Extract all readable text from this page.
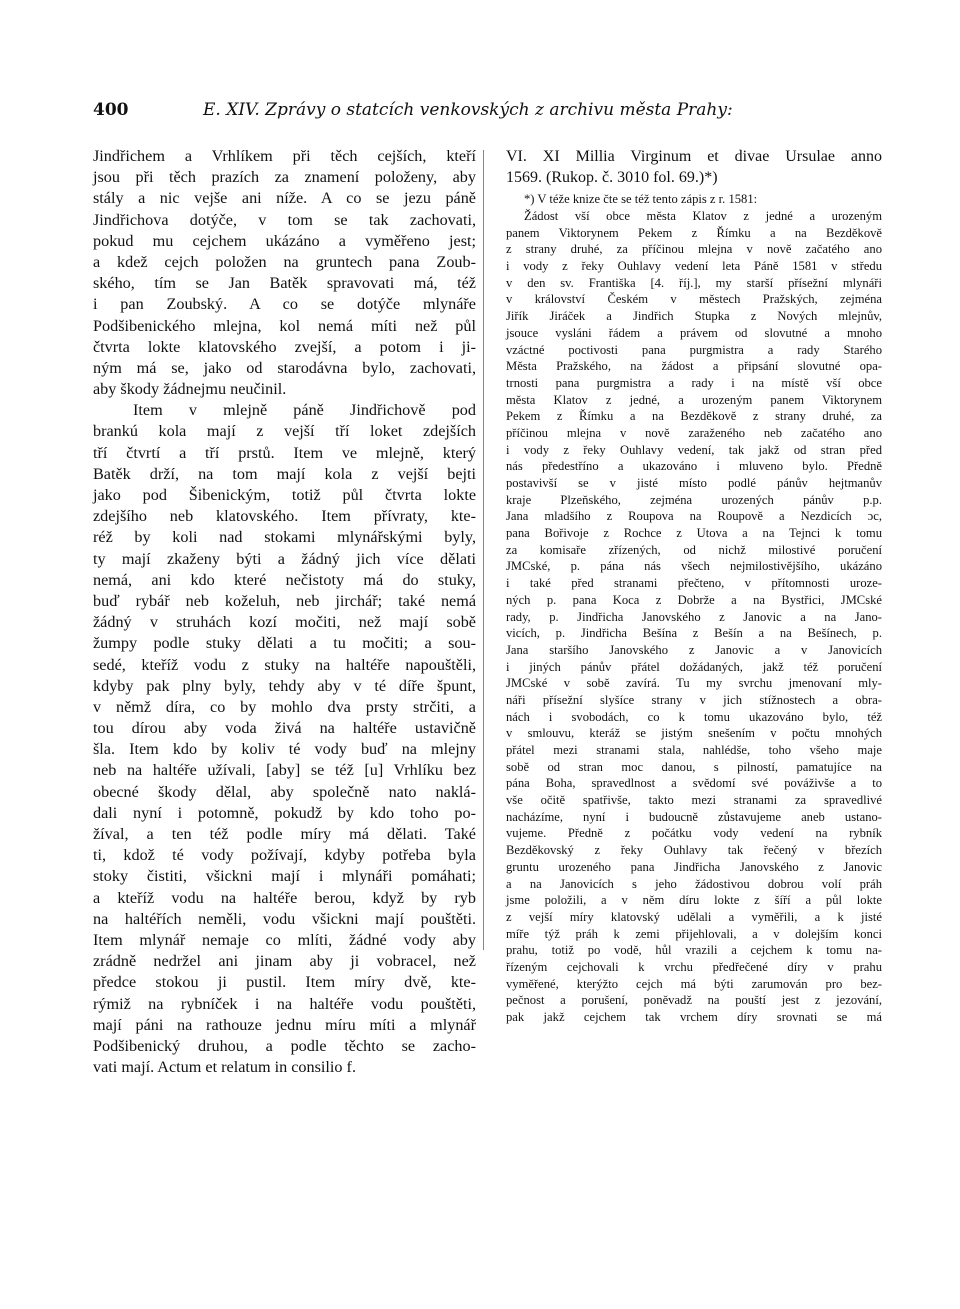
400	E. XIV. Zprávy o statcích venkovských z archivu města Prahy:
Jindřichem a Vrhlíkem při těch cejších, kteří
jsou při těch prazích za znamení položeny, aby
stály a nic vejše ani níže. A co se jezu páně
Jindřichova dotýče, v tom se tak zachovati,
pokud mu cejchem ukázáno a vyměřeno jest;
a kdež cejch položen na gruntech pana Zoub-
ského, tím se Jan Batěk spravovati má, též
i pan Zoubský. A co se dotýče mlynáře
Podšibenického mlejna, kol nemá míti než půl
čtvrta lokte klatovského zvejší, a potom i ji-
ným má se, jako od starodávna bylo, zachovati,
aby škody žádnejmu neučinil.
Item v mlejně páně Jindřichově pod
brankú kola mají z vejší tří loket zdejších
tří čtvrtí a tří prstů. Item ve mlejně, který
Batěk drží, na tom mají kola z vejší bejti
jako pod Šibenickým, totiž půl čtvrta lokte
zdejšího neb klatovského. Item přívraty, kte-
réž by koli nad stokami mlynářskými byly,
ty mají zkaženy býti a žádný jich více dělati
nemá, ani kdo které nečistoty má do stuky,
buď rybář neb koželuh, neb jirchář; také nemá
žádný v struhách kozí močiti, než mají sobě
žumpy podle stuky dělati a tu močiti; a sou-
sedé, kteříž vodu z stuky na haltéře napouštěli,
kdyby pak plny byly, tehdy aby v té díře špunt,
v němž díra, co by mohlo dva prsty strčiti, a
tou dírou aby voda živá na haltéře ustavičně
šla. Item kdo by koliv té vody buď na mlejny
neb na haltéře užívali, [aby] se též [u] Vrhlíku bez
obecné škody dělal, aby společně nato naklá-
dali nyní i potomně, pokudž by kdo toho po-
žíval, a ten též podle míry má dělati. Také
ti, kdož té vody požívají, kdyby potřeba byla
stoky čistiti, všickni mají i mlynáři pomáhati;
a kteříž vodu na haltéře berou, když by ryb
na haltéřích neměli, vodu všickni mají pouštěti.
Item mlynář nemaje co mlíti, žádné vody aby
zrádně nedržel ani jinam aby ji vobracel, než
předce stokou ji pustil. Item míry dvě, kte-
rýmiž na rybníček i na haltéře vodu pouštěti,
mají páni na rathouze jednu míru míti a mlynář
Podšibenický druhou, a podle těchto se zacho-
vati mají. Actum et relatum in consilio f.
VI. XI Millia Virginum et divae Ursulae anno
1569. (Rukop. č. 3010 fol. 69.)*)
*) V téže knize čte se též tento zápis z r. 1581:
Žádost vší obce města Klatov z jedné a urozeným
panem Viktorynem Pekem z Římku a na Bezděkově
z strany druhé, za příčinou mlejna v nově začatého ano
i vody z řeky Ouhlavy vedení leta Páně 1581 v středu
v den sv. Františka [4. říj.], my starší přísežní mlynáři
v království Českém v městech Pražských, zejména
Jiřík Jiráček a Jindřich Stupka z Nových mlejnův,
jsouce vysláni řádem a právem od slovutné a mnoho
vzáctné poctivosti pana purgmistra a rady Starého
Města Pražského, na žádost a připsání slovutné opa-
trnosti pana purgmistra a rady i na místě vší obce
města Klatov z jedné, a urozeným panem Viktorynem
Pekem z Římku a na Bezděkově z strany druhé, za
příčinou mlejna v nově zaraženého neb začatého ano
i vody z řeky Ouhlavy vedení, tak jakž od stran před
nás předestříno a ukazováno i mluveno bylo. Předně
postavivší se v jisté místo podlé pánův hejtmanův
kraje Plzeňského, zejména urozených pánův p.p.
Jana mladšího z Roupova na Roupově a Nezdicích ɔc,
pana Bořivoje z Rochce z Utova a na Tejnci k tomu
za komisaře zřízených, od nichž milostivé poručení
JMCské, p. pána nás všech nejmilostivějšího, ukázáno
i také před stranami přečteno, v přítomnosti uroze-
ných p. pana Koca z Dobrže a na Bystřici, JMCské
rady, p. Jindřicha Janovského z Janovic a na Jano-
vicích, p. Jindřicha Bešína z Bešín a na Bešínech, p.
Jana staršího Janovského z Janovic a v Janovicích
i jiných pánův přátel dožádaných, jakž též poručení
JMCské v sobě zavírá. Tu my svrchu jmenovaní mly-
náři přísežní slyšíce strany v jich stížnostech a obra-
nách i svobodách, co k tomu ukazováno bylo, též
v smlouvu, kteráž se jistým snešením v počtu mnohých
přátel mezi stranami stala, nahlédše, toho všeho maje
sobě od stran moc danou, s pilností, pamatujíce na
pána Boha, spravedlnost a svědomí své pováživše a to
vše očitě spatřivše, takto mezi stranami za spravedlivé
nacházíme, nyní i budoucně zůstavujeme aneb ustano-
vujeme. Předně z počátku vody vedení na rybník
Bezděkovský z řeky Ouhlavy tak řečený v březích
gruntu urozeného pana Jindřicha Janovského z Janovic
a na Janovicích s jeho žádostivou dobrou volí práh
jsme položili, a v něm díru lokte z šíří a půl lokte
z vejší míry klatovský udělali a vyměřili, a k jisté
míře týž práh k zemi přijehlovali, a v dolejším konci
prahu, totiž po vodě, hůl vrazili a cejchem k tomu na-
řízeným cejchovali k vrchu předřečené díry v prahu
vyměřené, kterýžto cejch má býti zarumován pro bez-
pečnost a porušení, poněvadž na pouští jest z jezování,
pak jakž cejchem tak vrchem díry srovnati se má
